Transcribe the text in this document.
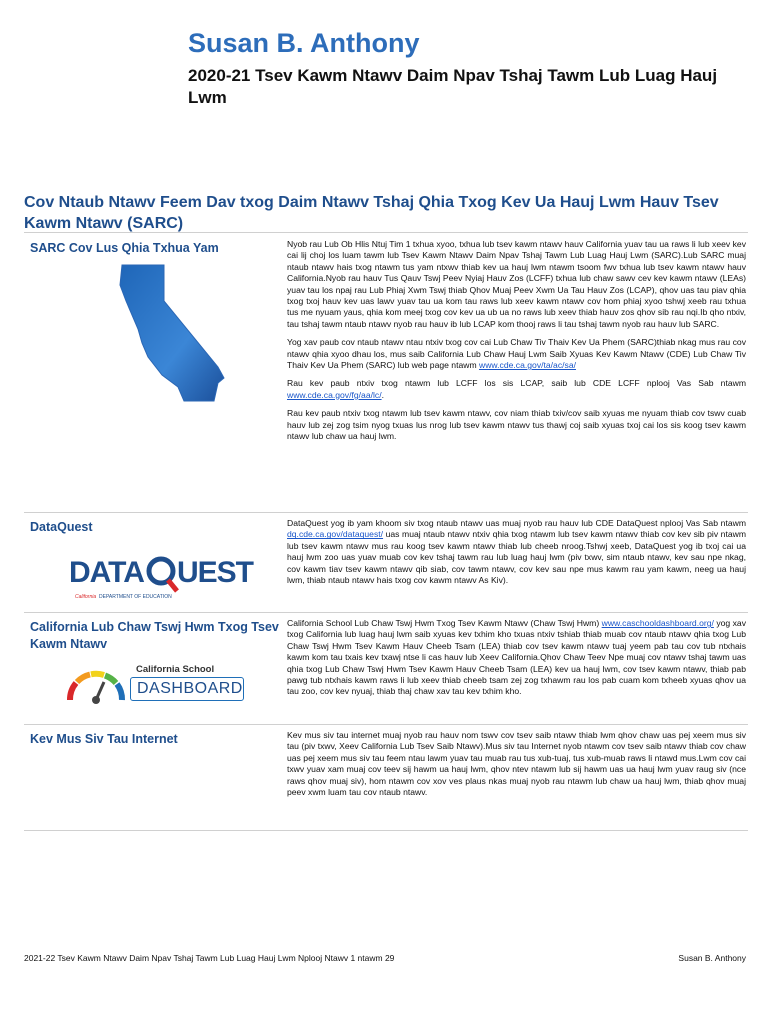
Susan B. Anthony
2020-21 Tsev Kawm Ntawv Daim Npav Tshaj Tawm Lub Luag Hauj Lwm
Cov Ntaub Ntawv Feem Dav txog Daim Ntawv Tshaj Qhia Txog Kev Ua Hauj Lwm Hauv Tsev Kawm Ntawv (SARC)
SARC Cov Lus Qhia Txhua Yam	Nyob rau Lub Ob Hlis Ntuj Tim 1 txhua xyoo, txhua lub tsev kawm ntawv hauv California yuav tau ua raws li lub xeev kev cai lij choj los luam tawm lub Tsev Kawm Ntawv Daim Npav Tshaj Tawm Lub Luag Hauj Lwm (SARC).Lub SARC muaj ntaub ntawv hais txog ntawm tus yam ntxwv thiab kev ua hauj lwm ntawm tsoom fwv txhua lub tsev kawm ntawv hauv California.Nyob rau hauv Tus Qauv Tswj Peev Nyiaj Hauv Zos (LCFF) txhua lub chaw sawv cev kev kawm ntawv (LEAs) yuav tau los npaj rau Lub Phiaj Xwm Tswj thiab Qhov Muaj Peev Xwm Ua Tau Hauv Zos (LCAP), qhov uas tau piav qhia txog txoj hauv kev uas lawv yuav tau ua kom tau raws lub xeev kawm ntawv cov hom phiaj xyoo tshwj xeeb rau txhua tus me nyuam yaus, qhia kom meej txog cov kev ua ub ua no raws lub xeev thiab hauv zos qhov sib rau nqi.Ib qho ntxiv, tau tshaj tawm ntaub ntawv nyob rau hauv ib lub LCAP kom thooj raws li tau tshaj tawm nyob rau hauv lub SARC.

Yog xav paub cov ntaub ntawv ntau ntxiv txog cov cai Lub Chaw Tiv Thaiv Kev Ua Phem (SARC)thiab nkag mus rau cov ntawv qhia xyoo dhau los, mus saib California Lub Chaw Hauj Lwm Saib Xyuas Kev Kawm Ntawv (CDE) Lub Chaw Tiv Thaiv Kev Ua Phem (SARC) lub web page ntawm www.cde.ca.gov/ta/ac/sa/

Rau kev paub ntxiv txog ntawm lub LCFF los sis LCAP, saib lub CDE LCFF nplooj Vas Sab ntawm www.cde.ca.gov/fg/aa/lc/.

Rau kev paub ntxiv txog ntawm lub tsev kawm ntawv, cov niam thiab txiv/cov saib xyuas me nyuam thiab cov tswv cuab hauv lub zej zog tsim nyog txuas lus nrog lub tsev kawm ntawv tus thawj coj saib xyuas txoj cai los sis koog tsev kawm ntawv lub chaw ua hauj lwm.

DataQuest
DATA UEST
California DEPARTMENT OF EDUCATION

DataQuest yog ib yam khoom siv txog ntaub ntawv uas muaj nyob rau hauv lub CDE DataQuest nplooj Vas Sab ntawm dq.cde.ca.gov/dataquest/ uas muaj ntaub ntawv ntxiv qhia txog ntawm lub tsev kawm ntawv thiab cov kev sib piv ntawm lub tsev kawm ntawv mus rau koog tsev kawm ntawv thiab lub cheeb nroog.Tshwj xeeb, DataQuest yog ib txoj cai ua hauj lwm zoo uas yuav muab cov kev tshaj tawm rau lub luag hauj lwm (piv txwv, sim ntaub ntawv, kev sau npe nkag, cov kawm tiav tsev kawm ntawv qib siab, cov tawm ntawv, cov kev sau npe mus kawm rau yam kawm, neeg ua hauj lwm, thiab ntaub ntawv hais txog cov kawm ntawv As Kiv).

California Lub Chaw Tswj Hwm Txog Tsev Kawm Ntawv
California School
DASHBOARD

California School Lub Chaw Tswj Hwm Txog Tsev Kawm Ntawv (Chaw Tswj Hwm) www.caschooldashboard.org/ yog xav txog California lub luag hauj lwm saib xyuas kev txhim kho txuas ntxiv tshiab thiab muab cov ntaub ntawv qhia txog Lub Chaw Tswj Hwm Tsev Kawm Hauv Cheeb Tsam (LEA) thiab cov tsev kawm ntawv tuaj yeem pab tau cov tub ntxhais kawm kom tau txais kev txawj ntse li cas hauv lub Xeev California.Qhov Chaw Teev Npe muaj cov ntawv tshaj tawm uas qhia txog Lub Chaw Tswj Hwm Tsev Kawm Hauv Cheeb Tsam (LEA) kev ua hauj lwm, cov tsev kawm ntawv, thiab pab pawg tub ntxhais kawm raws li lub xeev thiab cheeb tsam zej zog txhawm rau los pab cuam kom txheeb xyuas qhov ua tau zoo, cov kev nyuaj, thiab thaj chaw xav tau kev txhim kho.

Kev Mus Siv Tau Internet	Kev mus siv tau internet muaj nyob rau hauv nom tswv cov tsev saib ntawv thiab lwm qhov chaw uas pej xeem mus siv tau (piv txwv, Xeev California Lub Tsev Saib Ntawv).Mus siv tau Internet nyob ntawm cov tsev saib ntawv thiab cov chaw uas pej xeem mus siv tau feem ntau lawm yuav tau muab rau tus xub-tuaj, tus xub-muab raws li ntawd mus.Lwm cov cai txwv yuav xam muaj cov teev sij hawm ua hauj lwm, qhov ntev ntawm lub sij hawm uas ua hauj lwm yuav raug siv (nce raws qhov muaj siv), hom ntawm cov xov ves plaus nkas muaj nyob rau ntawm lub chaw ua hauj lwm, thiab qhov muaj peev xwm luam tau cov ntaub ntawv.

2021-22 Tsev Kawm Ntawv Daim Npav Tshaj Tawm Lub Luag Hauj Lwm Nplooj Ntawv 1 ntawm 29	Susan B. Anthony
